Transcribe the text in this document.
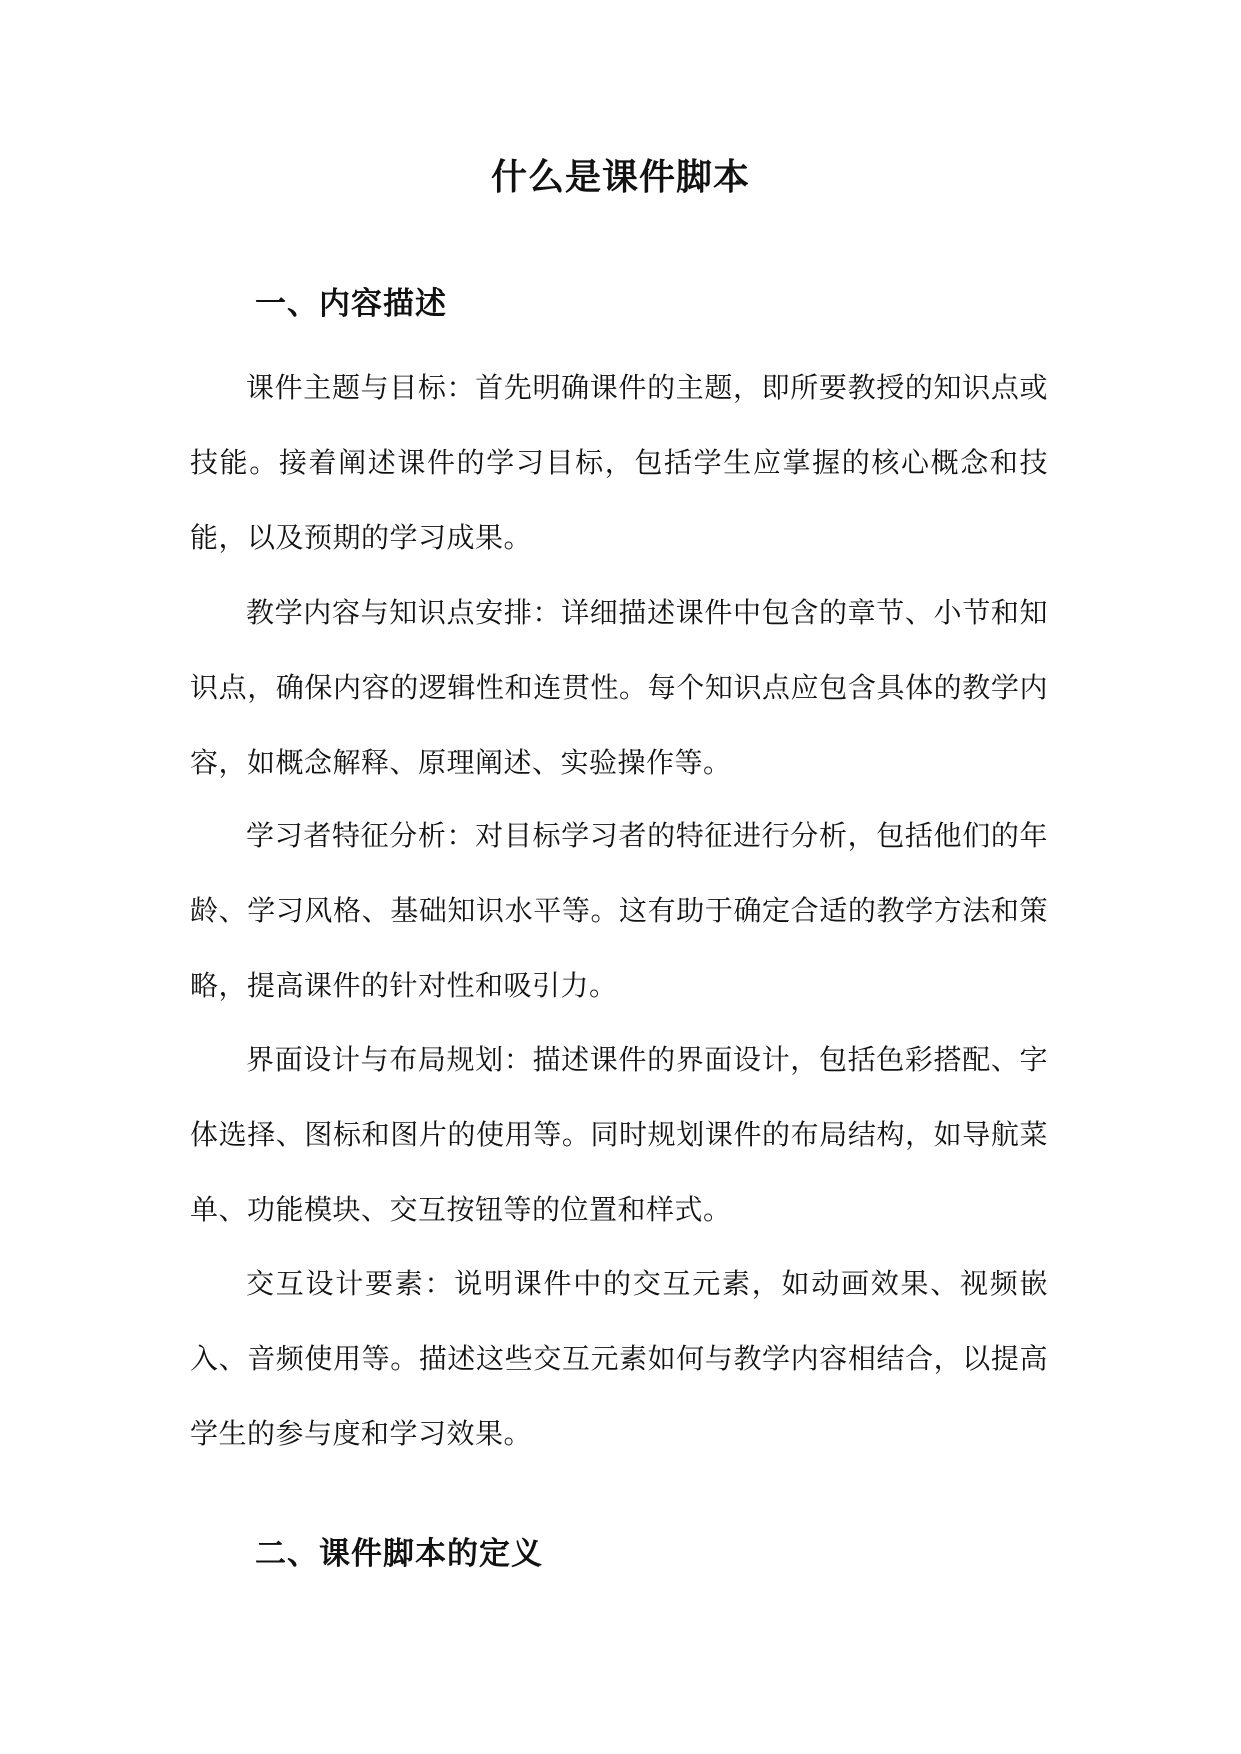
什么是课件脚本
一、内容描述

课件主题与目标：首先明确课件的主题，即所要教授的知识点或技能。接着阐述课件的学习目标，包括学生应掌握的核心概念和技能，以及预期的学习成果。

教学内容与知识点安排：详细描述课件中包含的章节、小节和知识点，确保内容的逻辑性和连贯性。每个知识点应包含具体的教学内容，如概念解释、原理阐述、实验操作等。

学习者特征分析：对目标学习者的特征进行分析，包括他们的年龄、学习风格、基础知识水平等。这有助于确定合适的教学方法和策略，提高课件的针对性和吸引力。

界面设计与布局规划：描述课件的界面设计，包括色彩搭配、字体选择、图标和图片的使用等。同时规划课件的布局结构，如导航菜单、功能模块、交互按钮等的位置和样式。

交互设计要素：说明课件中的交互元素，如动画效果、视频嵌入、音频使用等。描述这些交互元素如何与教学内容相结合，以提高学生的参与度和学习效果。

二、课件脚本的定义
